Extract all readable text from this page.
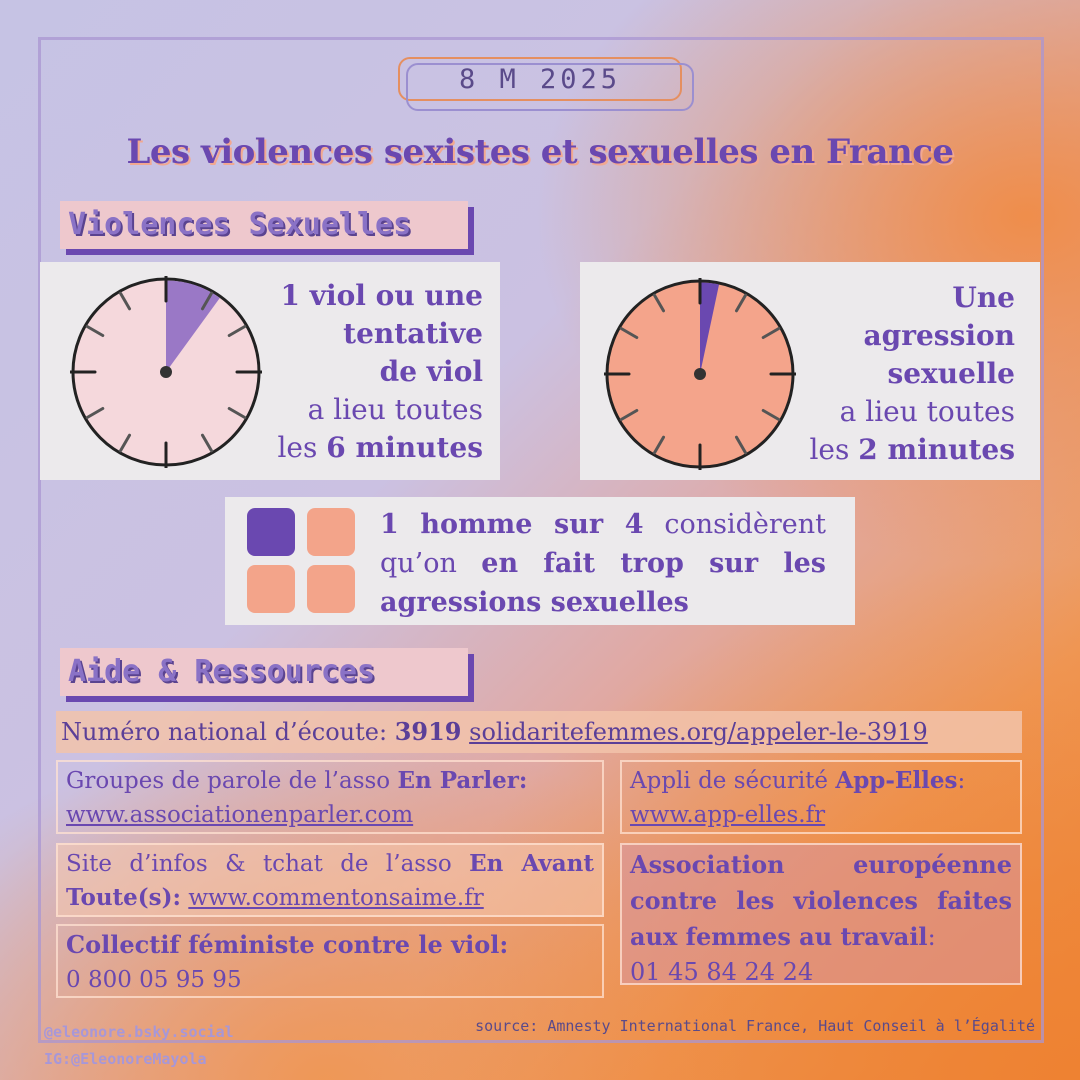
8 M 2025
Les violences sexistes et sexuelles en France
Violences Sexuelles
1 viol ou une
tentative
de viol
a lieu toutes
les 6 minutes
Une
agression
sexuelle
a lieu toutes
les 2 minutes
1 homme sur 4 considèrent qu’on en fait trop sur les agressions sexuelles
Aide & Ressources
Numéro national d’écoute: 3919 solidaritefemmes.org/appeler-le-3919
Groupes de parole de l’asso En Parler:
www.associationenparler.com
Appli de sécurité App-Elles:
www.app-elles.fr
Site d’infos & tchat de l’asso En Avant Toute(s): www.commentonsaime.fr
Collectif féministe contre le viol:
0 800 05 95 95
Association européenne contre les violences faites aux femmes au travail:
01 45 84 24 24
@eleonore.bsky.social
IG:@EleonoreMayola
source: Amnesty International France, Haut Conseil à l’Égalité
